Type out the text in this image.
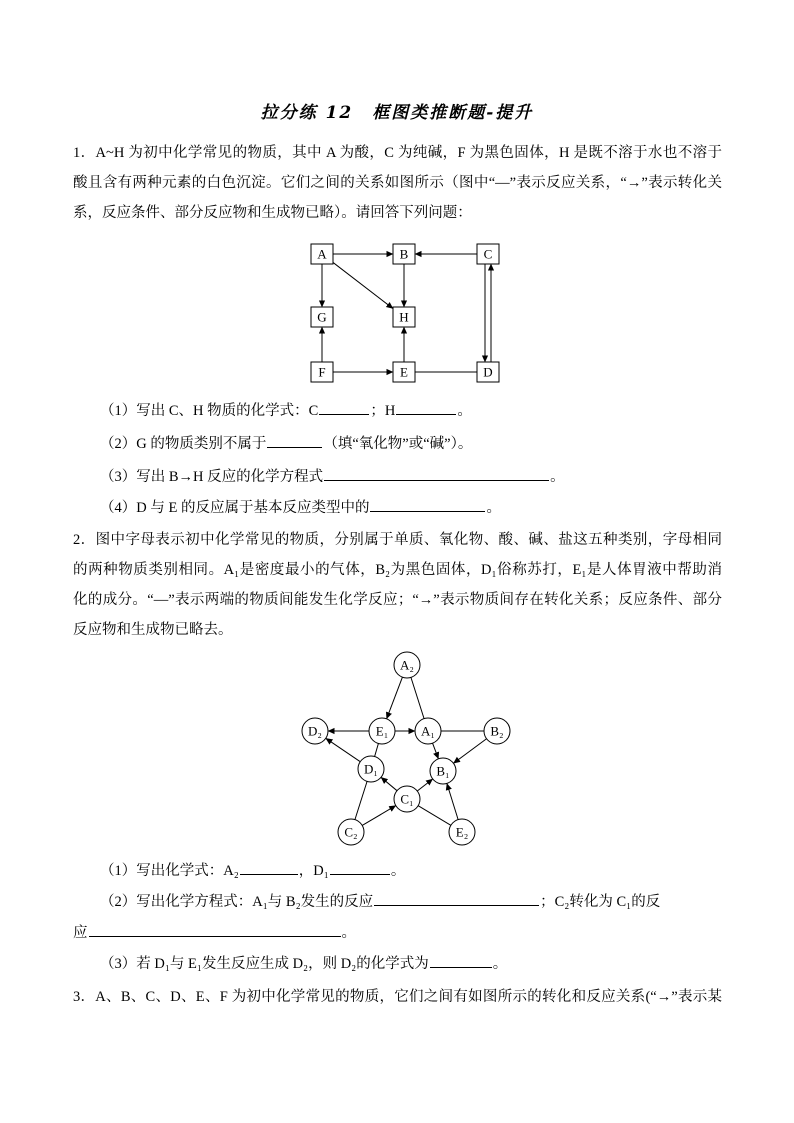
拉分练 12　框图类推断题-提升
1．A~H 为初中化学常见的物质，其中 A 为酸，C 为纯碱，F 为黑色固体，H 是既不溶于水也不溶于
酸且含有两种元素的白色沉淀。它们之间的关系如图所示（图中“—”表示反应关系，“→”表示转化关
系，反应条件、部分反应物和生成物已略）。请回答下列问题：
A	B	C
G	H
F	E	D
（1）写出 C、H 物质的化学式：C	；H	。
（2）G 的物质类别不属于	（填“氧化物”或“碱”）。
（3）写出 B→H 反应的化学方程式	。
（4）D 与 E 的反应属于基本反应类型中的	。
2．图中字母表示初中化学常见的物质，分别属于单质、氧化物、酸、碱、盐这五种类别，字母相同
的两种物质类别相同。A₁是密度最小的气体，B₂为黑色固体，D₁俗称苏打，E₁是人体胃液中帮助消
化的成分。“—”表示两端的物质间能发生化学反应；“→”表示物质间存在转化关系；反应条件、部分
反应物和生成物已略去。
A₂
D₂	E₁	A₁	B₂
D₁	B₁
C₁
C₂	E₂
（1）写出化学式：A₂	，D₁	。
（2）写出化学方程式：A₁与 B₂发生的反应	；C₂转化为 C₁的反
应	。
（3）若 D₁与 E₁发生反应生成 D₂，则 D₂的化学式为	。
3．A、B、C、D、E、F 为初中化学常见的物质，它们之间有如图所示的转化和反应关系(“→”表示某
